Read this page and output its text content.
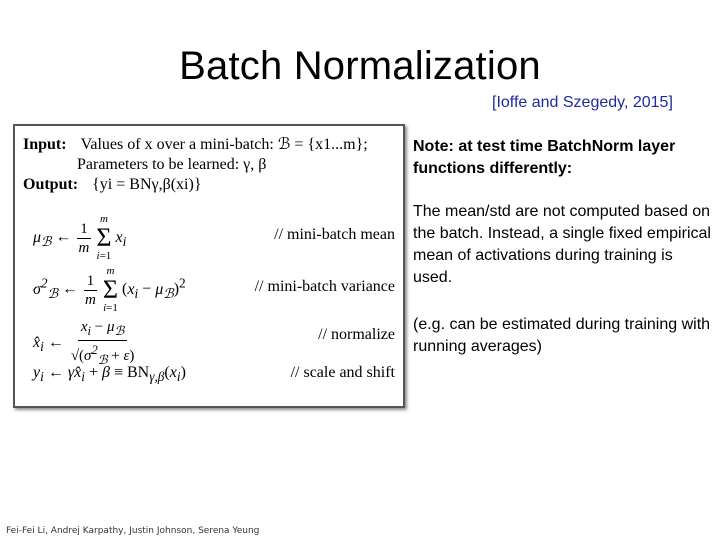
Batch Normalization
[Ioffe and Szegedy, 2015]
Input: Values of x over a mini-batch: ℬ = {x1...m};
Parameters to be learned: γ, β
Output: {yi = BNγ,β(xi)}
$\mu_ℬ$ ← $\frac{1}{m}$

m
Σ
i=1
$x_i$	// mini-batch mean
$\sigma^2_ℬ$ ← $\frac{1}{m}$

m
Σ
i=1
$(x_i - \mu_ℬ)^2$	// mini-batch variance
$x̂_i$ ← $\frac{x_i - \mu_ℬ}{√(\sigma^2_ℬ + \varepsilon)}$	// normalize
$y_i$ ← $\gamma x̂_i + \beta \equiv BN_{\gamma,\beta}(x_i)$	// scale and shift
Note: at test time BatchNorm layer functions differently:
The mean/std are not computed based on the batch. Instead, a single fixed empirical mean of activations during training is used.
(e.g. can be estimated during training with running averages)
Fei-Fei Li, Andrej Karpathy, Justin Johnson, Serena Yeung
